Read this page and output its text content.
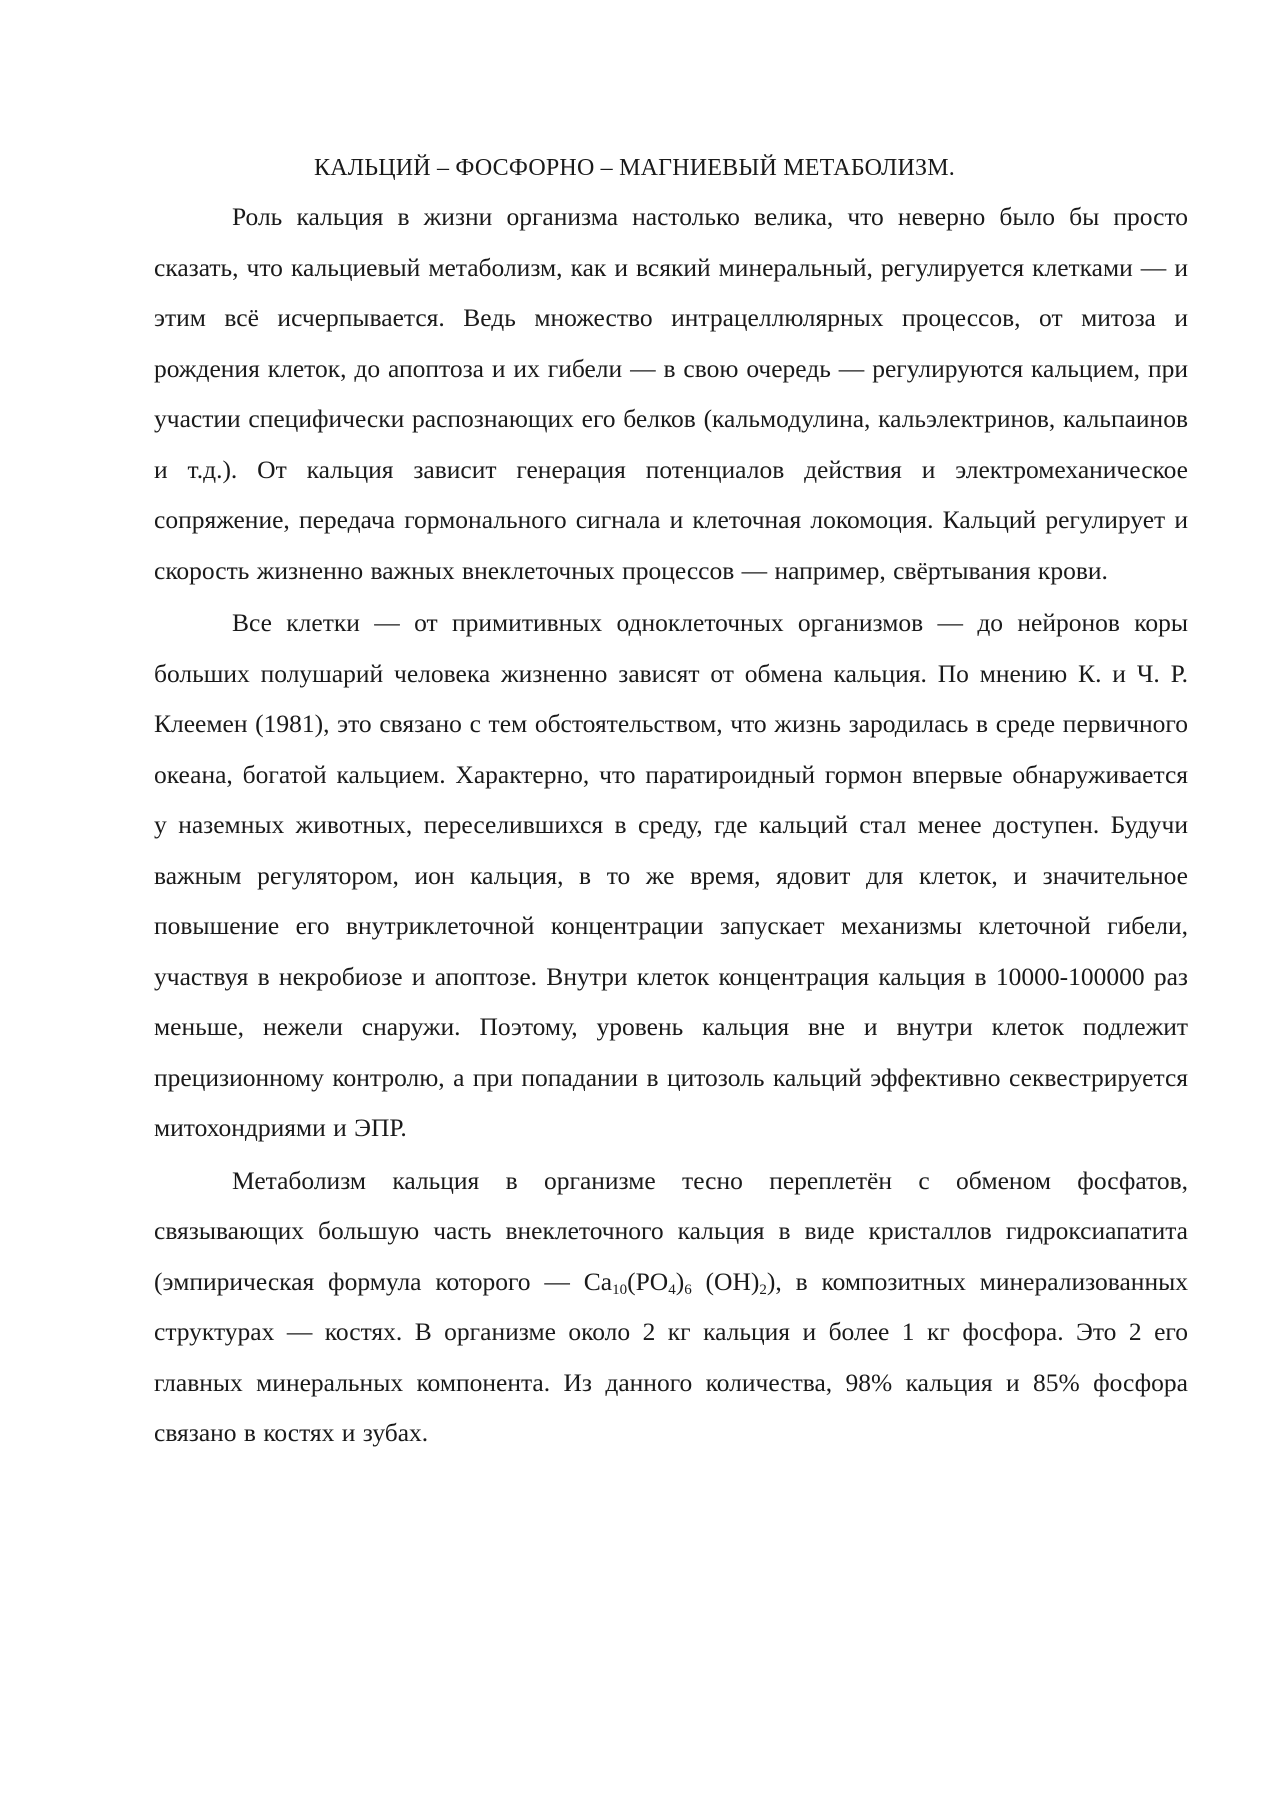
КАЛЬЦИЙ – ФОСФОРНО – МАГНИЕВЫЙ МЕТАБОЛИЗМ.

Роль кальция в жизни организма настолько велика, что неверно было бы просто сказать, что кальциевый метаболизм, как и всякий минеральный, регулируется клетками — и этим всё исчерпывается. Ведь множество интрацеллюлярных процессов, от митоза и рождения клеток, до апоптоза и их гибели — в свою очередь — регулируются кальцием, при участии специфически распознающих его белков (кальмодулина, кальэлектринов, кальпаинов и т.д.). От кальция зависит генерация потенциалов действия и электромеханическое сопряжение, передача гормонального сигнала и клеточная локомоция. Кальций регулирует и скорость жизненно важных внеклеточных процессов — например, свёртывания крови.

Все клетки — от примитивных одноклеточных организмов — до нейронов коры больших полушарий человека жизненно зависят от обмена кальция. По мнению К. и Ч. Р. Клеемен (1981), это связано с тем обстоятельством, что жизнь зародилась в среде первичного океана, богатой кальцием. Характерно, что паратироидный гормон впервые обнаруживается у наземных животных, переселившихся в среду, где кальций стал менее доступен. Будучи важным регулятором, ион кальция, в то же время, ядовит для клеток, и значительное повышение его внутриклеточной концентрации запускает механизмы клеточной гибели, участвуя в некробиозе и апоптозе. Внутри клеток концентрация кальция в 10000-100000 раз меньше, нежели снаружи. Поэтому, уровень кальция вне и внутри клеток подлежит прецизионному контролю, а при попадании в цитозоль кальций эффективно секвестрируется митохондриями и ЭПР.

Метаболизм кальция в организме тесно переплетён с обменом фосфатов, связывающих большую часть внеклеточного кальция в виде кристаллов гидроксиапатита (эмпирическая формула которого — $Ca_{10}(PO_4)_6$ $(OH)_2$), в композитных минерализованных структурах — костях. В организме около 2 кг кальция и более 1 кг фосфора. Это 2 его главных минеральных компонента. Из данного количества, 98% кальция и 85% фосфора связано в костях и зубах.
